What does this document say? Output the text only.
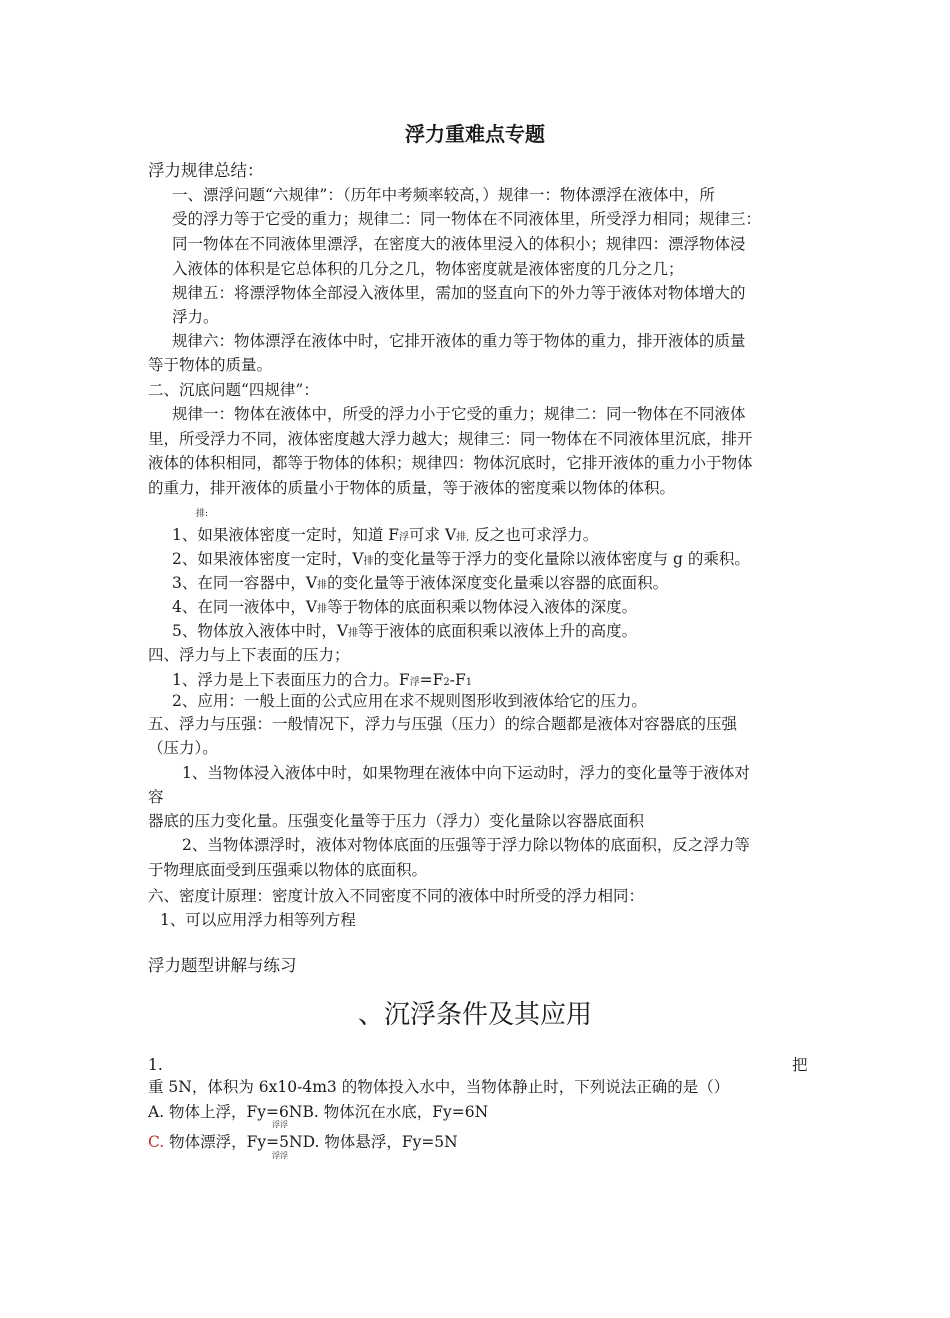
浮力重难点专题
浮力规律总结：
一、漂浮问题“六规律”：（历年中考频率较高，）规律一：物体漂浮在液体中，所
受的浮力等于它受的重力；规律二：同一物体在不同液体里，所受浮力相同；规律三：
同一物体在不同液体里漂浮，在密度大的液体里浸入的体积小；规律四：漂浮物体浸
入液体的体积是它总体积的几分之几，物体密度就是液体密度的几分之几；
规律五：将漂浮物体全部浸入液体里，需加的竖直向下的外力等于液体对物体增大的
浮力。
规律六：物体漂浮在液体中时，它排开液体的重力等于物体的重力，排开液体的质量
等于物体的质量。
二、沉底问题“四规律”：
规律一：物体在液体中，所受的浮力小于它受的重力；规律二：同一物体在不同液体
里，所受浮力不同，液体密度越大浮力越大；规律三：同一物体在不同液体里沉底，排开
液体的体积相同，都等于物体的体积；规律四：物体沉底时，它排开液体的重力小于物体
的重力，排开液体的质量小于物体的质量，等于液体的密度乘以物体的体积。
排:
1、如果液体密度一定时，知道 F浮可求 V排, 反之也可求浮力。
2、如果液体密度一定时，V排的变化量等于浮力的变化量除以液体密度与 g 的乘积。
3、在同一容器中，V排的变化量等于液体深度变化量乘以容器的底面积。
4、在同一液体中，V排等于物体的底面积乘以物体浸入液体的深度。
5、物体放入液体中时，V排等于液体的底面积乘以液体上升的高度。
四、浮力与上下表面的压力；
1、浮力是上下表面压力的合力。F浮=F2-F1
2、应用：一般上面的公式应用在求不规则图形收到液体给它的压力。
五、浮力与压强：一般情况下，浮力与压强（压力）的综合题都是液体对容器底的压强
（压力）。
1、当物体浸入液体中时，如果物理在液体中向下运动时，浮力的变化量等于液体对
容
器底的压力变化量。压强变化量等于压力（浮力）变化量除以容器底面积
2、当物体漂浮时，液体对物体底面的压强等于浮力除以物体的底面积，反之浮力等
于物理底面受到压强乘以物体的底面积。
六、密度计原理：密度计放入不同密度不同的液体中时所受的浮力相同：
1、可以应用浮力相等列方程
浮力题型讲解与练习
、沉浮条件及其应用
1.	把
重 5N，体积为 6x10-4m3 的物体投入水中，当物体静止时，下列说法正确的是（）
A. 物体上浮，Fy=6NB. 物体沉在水底，Fy=6N
浮浮
C. 物体漂浮，Fy=5ND. 物体悬浮，Fy=5N
浮浮
